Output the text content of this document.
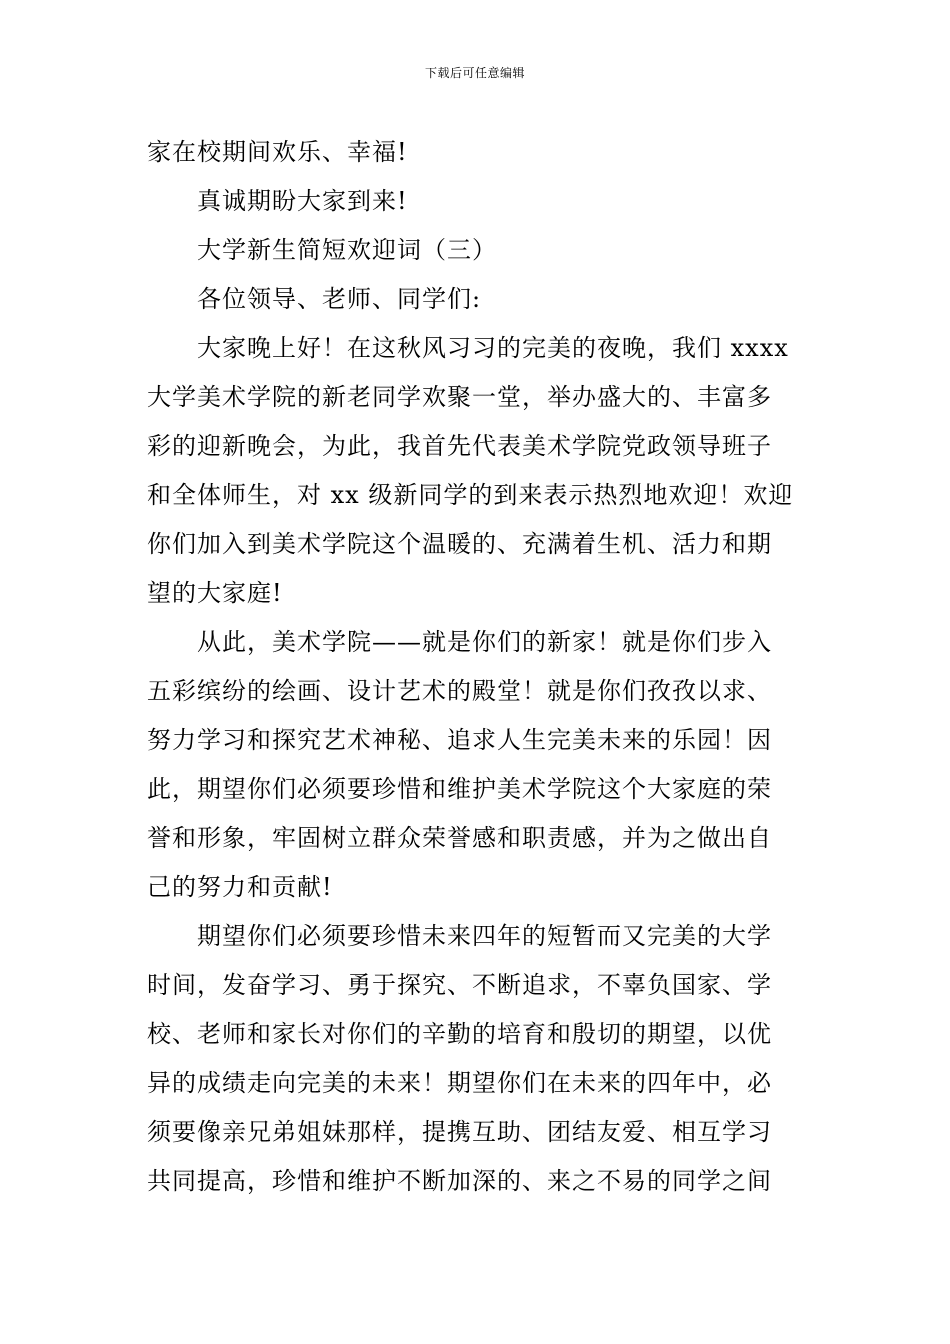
下载后可任意编辑
家在校期间欢乐、幸福!
真诚期盼大家到来!
大学新生简短欢迎词（三）
各位领导、老师、同学们:
大家晚上好！在这秋风习习的完美的夜晚，我们 xxxx
大学美术学院的新老同学欢聚一堂，举办盛大的、丰富多
彩的迎新晚会，为此，我首先代表美术学院党政领导班子
和全体师生，对 xx 级新同学的到来表示热烈地欢迎！欢迎
你们加入到美术学院这个温暖的、充满着生机、活力和期
望的大家庭!
从此，美术学院——就是你们的新家！就是你们步入
五彩缤纷的绘画、设计艺术的殿堂！就是你们孜孜以求、
努力学习和探究艺术神秘、追求人生完美未来的乐园！因
此，期望你们必须要珍惜和维护美术学院这个大家庭的荣
誉和形象，牢固树立群众荣誉感和职责感，并为之做出自
己的努力和贡献!
期望你们必须要珍惜未来四年的短暂而又完美的大学
时间，发奋学习、勇于探究、不断追求，不辜负国家、学
校、老师和家长对你们的辛勤的培育和殷切的期望，以优
异的成绩走向完美的未来！期望你们在未来的四年中，必
须要像亲兄弟姐妹那样，提携互助、团结友爱、相互学习
共同提高，珍惜和维护不断加深的、来之不易的同学之间
